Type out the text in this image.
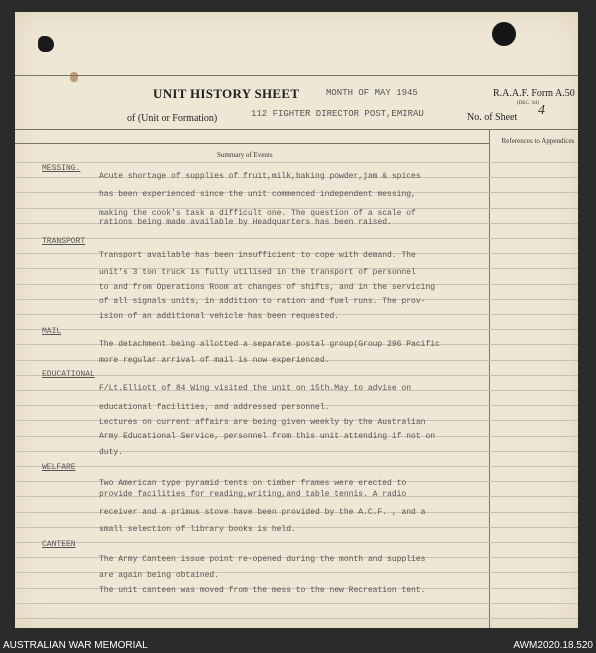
UNIT HISTORY SHEET	MONTH OF MAY 1945	R.A.A.F. Form A.50
(DEC. '44)
of (Unit or Formation)	112 FIGHTER DIRECTOR POST,EMIRAU	No. of Sheet 4
Summary of Events
References to Appendices
MESSING.
Acute shortage of supplies of fruit,milk,baking powder,jam & spices
has been experienced since the unit commenced independent messing,
making the cook's task a difficult one. The question of a scale of
rations being made available by Headquarters has been raised.
TRANSPORT
Transport available has been insufficient to cope with demand. The
unit's 3 ton truck is fully utilised in the transport of personnel
to and from Operations Room at changes of shifts, and in the servicing
of all signals units, in addition to ration and fuel runs. The prov-
ision of an additional vehicle has been requested.
MAIL
The detachment being allotted a separate postal group(Group 296 Pacific
more regular arrival of mail is now experienced.
EDUCATIONAL
F/Lt.Elliott of 84 Wing visited the unit on 15th.May to advise on
educational facilities, and addressed personnel.
Lectures on current affairs are being given weekly by the Australian
Army Educational Service, personnel from this unit attending if not on
duty.
WELFARE
Two American type pyramid tents on timber frames were erected to
provide facilities for reading,writing,and table tennis. A radio
receiver and a primus stove have been provided by the A.C.F. , and a
small selection of library books is held.
CANTEEN
The Army Canteen issue point re-opened during the month and supplies
are again being obtained.
The unit canteen was moved from the mess to the new Recreation tent.
AUSTRALIAN WAR MEMORIAL	AWM2020.18.520
